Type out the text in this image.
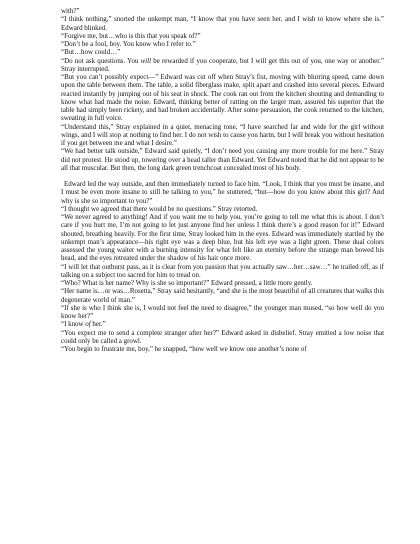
with?”

“I think nothing,” snorted the unkempt man, “I know that you have seen her, and I wish to know where she is.” Edward blinked.

“Forgive me, but…who is this that you speak of?”

“Don’t be a fool, boy. You know who I refer to.”

“But…how could…”

“Do not ask questions. You will be rewarded if you cooperate, but I will get this out of you, one way or another.” Stray interrupted.

“But you can’t possibly expect—” Edward was cut off when Stray’s fist, moving with blurring speed, came down upon the table between them. The table, a solid fiberglass make, split apart and crashed into several pieces. Edward reacted instantly by jumping out of his seat in shock. The cook ran out from the kitchen shouting and demanding to know what had made the noise. Edward, thinking better of ratting on the larger man, assured his superior that the table had simply been rickety, and had broken accidentally. After some persuasion, the cook returned to the kitchen, sweating in full voice.

“Understand this,” Stray explained in a quiet, menacing tone, “I have searched far and wide for the girl without wings, and I will stop at nothing to find her. I do not wish to cause you harm, but I will break you without hesitation if you get between me and what I desire.”

“We had better talk outside,” Edward said quietly, “I don’t need you causing any more trouble for me here.” Stray did not protest. He stood up, towering over a head taller than Edward. Yet Edward noted that he did not appear to be all that muscular. But then, the long dark green trenchcoat concealed most of his body.

Edward led the way outside, and then immediately turned to face him. “Look, I think that you must be insane, and I must be even more insane to still be talking to you,” he stuttered, “but—how do you know about this girl? And why is she so important to you?”

“I thought we agreed that there would be no questions.” Stray retorted.

“We never agreed to anything! And if you want me to help you, you’re going to tell me what this is about. I don’t care if you hurt me, I’m not going to let just anyone find her unless I think there’s a good reason for it!” Edward shouted, breathing heavily. For the first time, Stray looked him in the eyes. Edward was immediately startled by the unkempt man’s appearance—his right eye was a deep blue, but his left eye was a light green. These dual colors assessed the young waiter with a burning intensity for what felt like an eternity before the strange man bowed his head, and the eyes retreated under the shadow of his hair once more.

“I will let that outburst pass, as it is clear from you passion that you actually saw…her…saw…” he trailed off, as if talking on a subject too sacred for him to tread on.

“Who? What is her name? Why is she so important?” Edward pressed, a little more gently.

“Her name is…or was…Rosetta,” Stray said hesitantly, “and she is the most beautiful of all creatures that walks this degenerate world of man.”

“If she is who I think she is, I would not feel the need to disagree,” the younger man mused, “so how well do you know her?”

“I know of her.”

“You expect me to send a complete stranger after her?” Edward asked in disbelief. Stray emitted a low noise that could only be called a growl.

“You begin to frustrate me, boy,” he snapped, “how well we know one another’s none of
